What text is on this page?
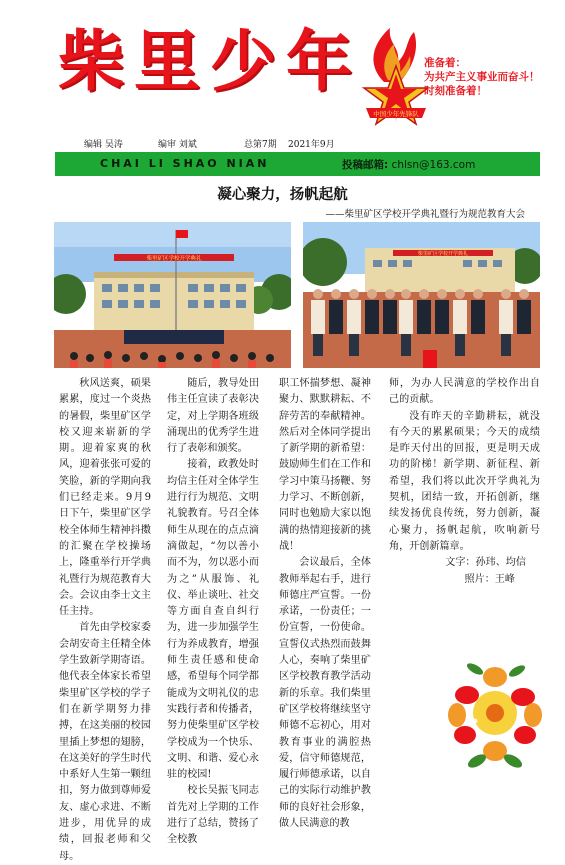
柴里少年
中国少年先锋队
准备着：
为共产主义事业而奋斗！
时刻准备着！
编辑 吴涛	编审 刘斌	总第7期 2021年9月
CHAI LI SHAO NIAN	投稿邮箱: chlsn@163.com
凝心聚力，扬帆起航
——柴里矿区学校开学典礼暨行为规范教育大会
柴里矿区学校开学典礼
柴里矿区学校开学典礼

秋风送爽，硕果累累，度过一个炎热的暑假，柴里矿区学校又迎来崭新的学期。迎着家爽的秋风，迎着张张可爱的笑脸，新的学期向我们已经走来。9月9日下午，柴里矿区学校全体师生精神抖擞的汇聚在学校操场上，隆重举行开学典礼暨行为规范教育大会。会议由李士文主任主持。

首先由学校家委会胡安奇主任精全体学生致新学期寄语。他代表全体家长希望柴里矿区学校的学子们在新学期努力排搏，在这美丽的校园里插上梦想的翅膀，在这美好的学生时代中系好人生第一颗纽扣，努力做到尊师爱友、虚心求进、不断进步，用优异的成绩，回报老师和父母。

随后，教导处田伟主任宣读了表彰决定，对上学期各班级涌现出的优秀学生进行了表彰和颁奖。

接着，政教处时均信主任对全体学生进行行为规范、文明礼貌教育。号召全体师生从现在的点点滴滴做起，“勿以善小而不为，勿以恶小而为之”从服饰、礼仪、举止谈吐、社交等方面自查自纠行为，进一步加强学生行为养成教育，增强师生责任感和使命感，希望每个同学都能成为文明礼仪的忠实践行者和传播者，努力使柴里矿区学校学校成为一个快乐、文明、和谐、爱心永驻的校园!

校长吴振飞同志首先对上学期的工作进行了总结，赞扬了全校教

职工怀揣梦想、凝神聚力、默默耕耘、不辞劳苦的奉献精神。然后对全体同学提出了新学期的新希望：鼓励师生们在工作和学习中策马扬鞭、努力学习、不断创新，同时也勉励大家以饱满的热情迎接新的挑战！

会议最后，全体教师举起右手，进行师德庄严宣誓。一份承诺，一份责任；一份宣誓，一份使命。宣誓仪式热烈而鼓舞人心，奏响了柴里矿区学校教育教学活动新的乐章。我们柴里矿区学校将继续坚守师德不忘初心，用对教育事业的满腔热爱，信守师德规范，履行师德承诺，以自己的实际行动维护教师的良好社会形象，做人民满意的教

师，为办人民满意的学校作出自己的贡献。

没有昨天的辛勤耕耘，就没有今天的累累硕果；今天的成绩是昨天付出的回报，更是明天成功的阶梯！新学期、新征程、新希望，我们将以此次开学典礼为契机，团结一致，开拓创新，继续发扬优良传统，努力创新，凝心聚力，扬帆起航，吹响新号角，开创新篇章。

文字：孙玮、均信
照片：王峰
